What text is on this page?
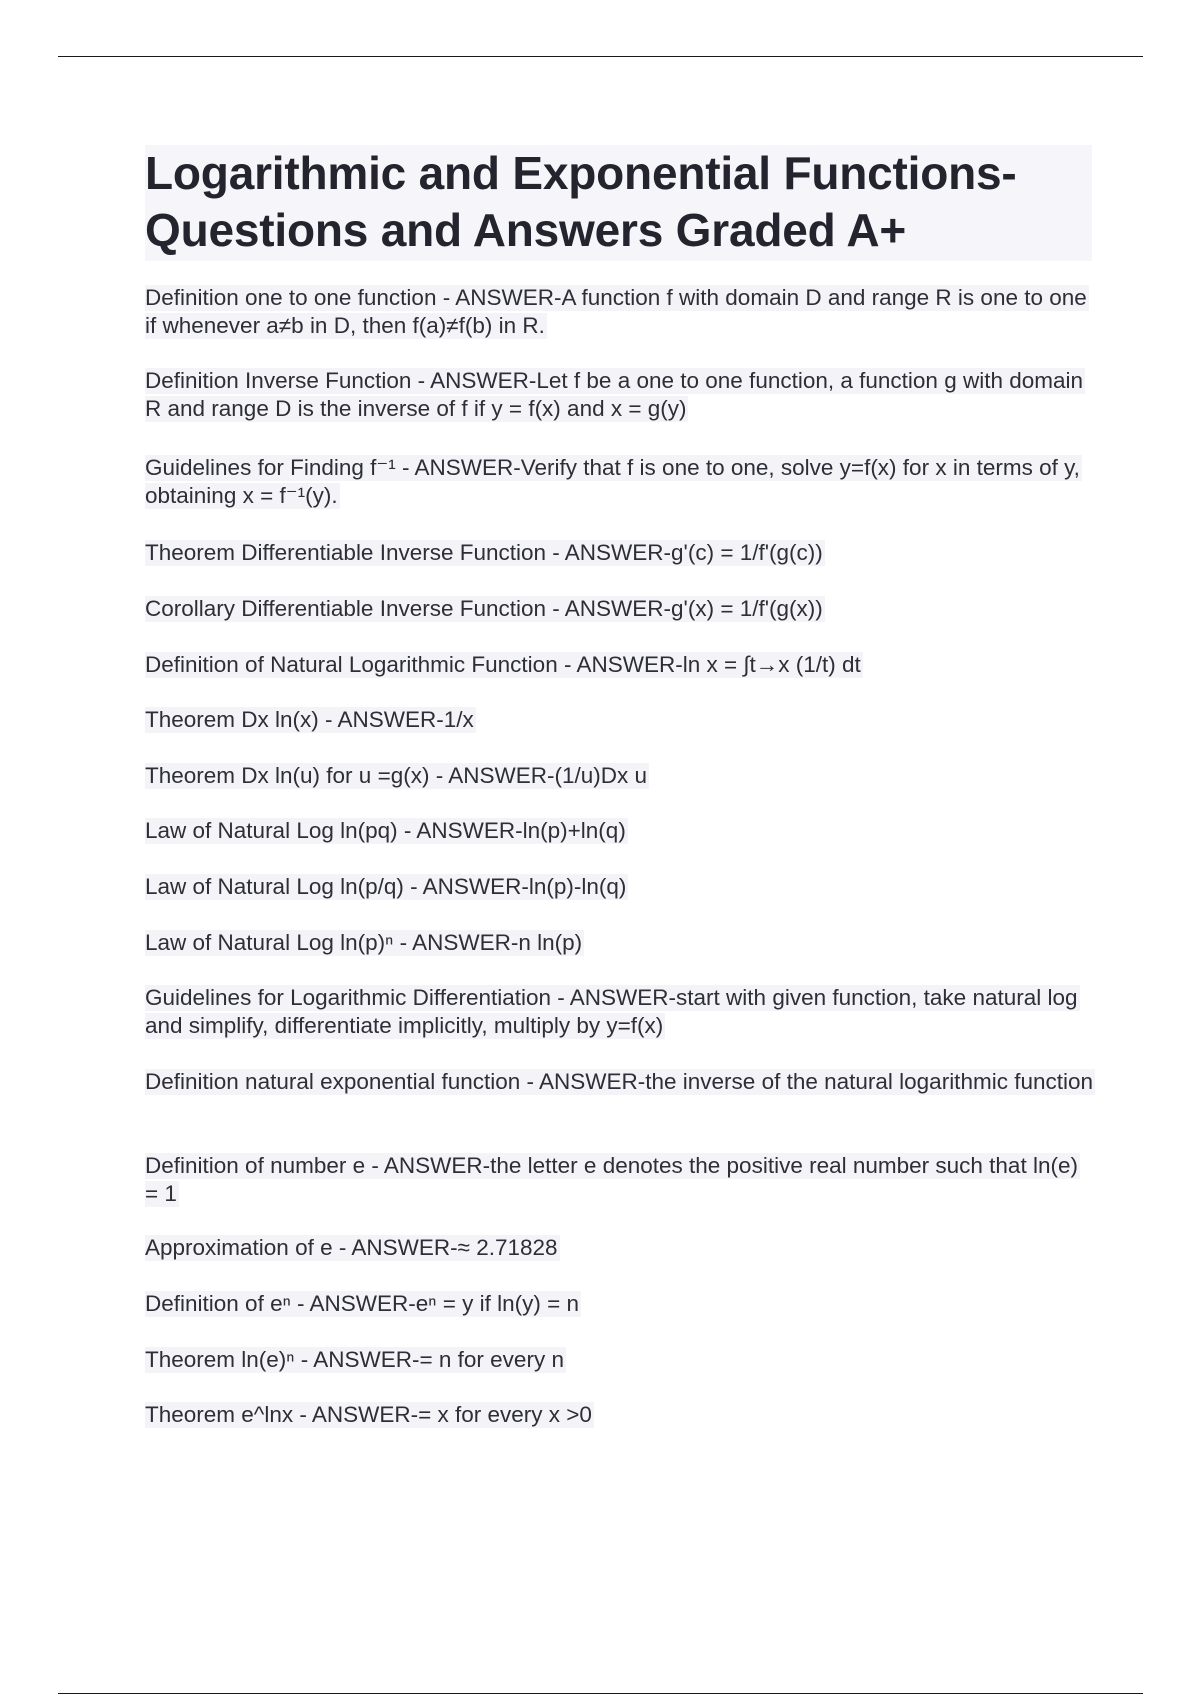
Logarithmic and Exponential Functions-
Questions and Answers Graded A+

Definition one to one function - ANSWER-A function f with domain D and range R is one to one if whenever a≠b in D, then f(a)≠f(b) in R.

Definition Inverse Function - ANSWER-Let f be a one to one function, a function g with domain R and range D is the inverse of f if y = f(x) and x = g(y)

Guidelines for Finding f⁻¹ - ANSWER-Verify that f is one to one, solve y=f(x) for x in terms of y, obtaining x = f⁻¹(y).

Theorem Differentiable Inverse Function - ANSWER-g'(c) = 1/f'(g(c))

Corollary Differentiable Inverse Function - ANSWER-g'(x) = 1/f'(g(x))

Definition of Natural Logarithmic Function - ANSWER-ln x = ∫t→x (1/t) dt

Theorem Dx ln(x) - ANSWER-1/x

Theorem Dx ln(u) for u =g(x) - ANSWER-(1/u)Dx u

Law of Natural Log ln(pq) - ANSWER-ln(p)+ln(q)

Law of Natural Log ln(p/q) - ANSWER-ln(p)-ln(q)

Law of Natural Log ln(p)ⁿ - ANSWER-n ln(p)

Guidelines for Logarithmic Differentiation - ANSWER-start with given function, take natural log and simplify, differentiate implicitly, multiply by y=f(x)

Definition natural exponential function - ANSWER-the inverse of the natural logarithmic function

Definition of number e - ANSWER-the letter e denotes the positive real number such that ln(e) = 1

Approximation of e - ANSWER-≈ 2.71828

Definition of eⁿ - ANSWER-eⁿ = y if ln(y) = n

Theorem ln(e)ⁿ - ANSWER-= n for every n

Theorem e^lnx - ANSWER-= x for every x >0
